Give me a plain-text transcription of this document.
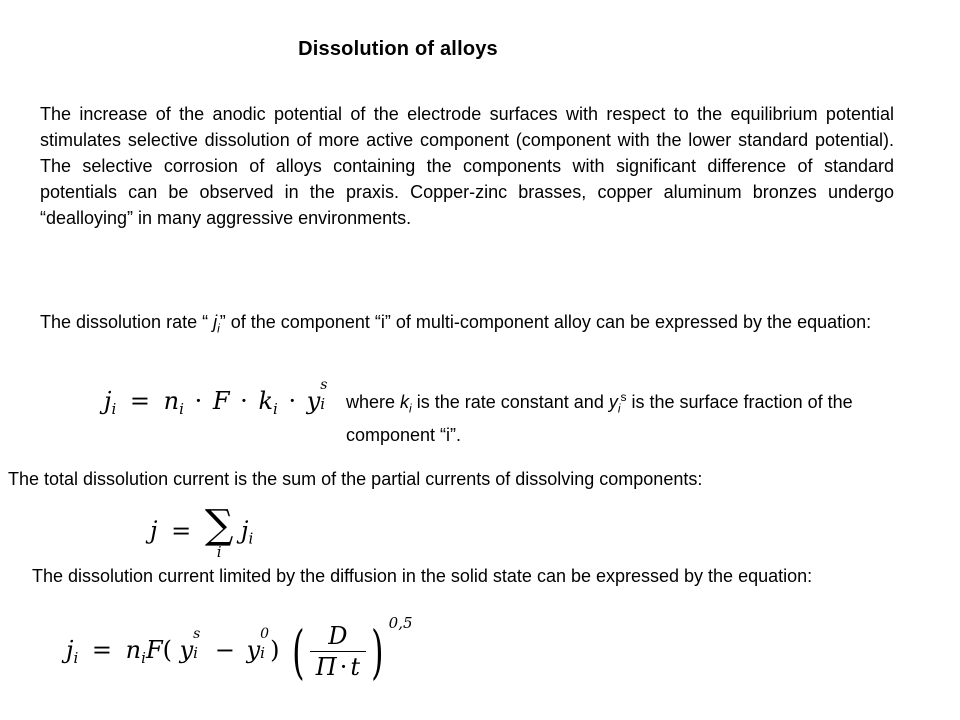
Dissolution of alloys
The increase of the anodic potential of the electrode surfaces with respect to the equilibrium potential stimulates selective dissolution of more active component (component with the lower standard potential). The selective corrosion of alloys containing the components with significant difference of standard potentials can be observed in the praxis. Copper-zinc brasses, copper aluminum bronzes undergo “dealloying” in many aggressive environments.
The dissolution rate “ $j_i$” of the component “i” of multi-component alloy can be expressed by the equation:
$j_i = n_i \cdot F \cdot k_i \cdot y$
s
i where $k_i$ is the rate constant and $y_i^s$ is the surface fraction of the component “i”.
The total dissolution current is the sum of the partial currents of dissolving components:
j = ∑
i
$j_i$
The dissolution current limited by the diffusion in the solid state can be expressed by the equation:
$j_i = n_iF$( y
s
i − y
0
i ) ( $\frac{D}{\Pi \cdot t}$ ) $^{0,5}$
